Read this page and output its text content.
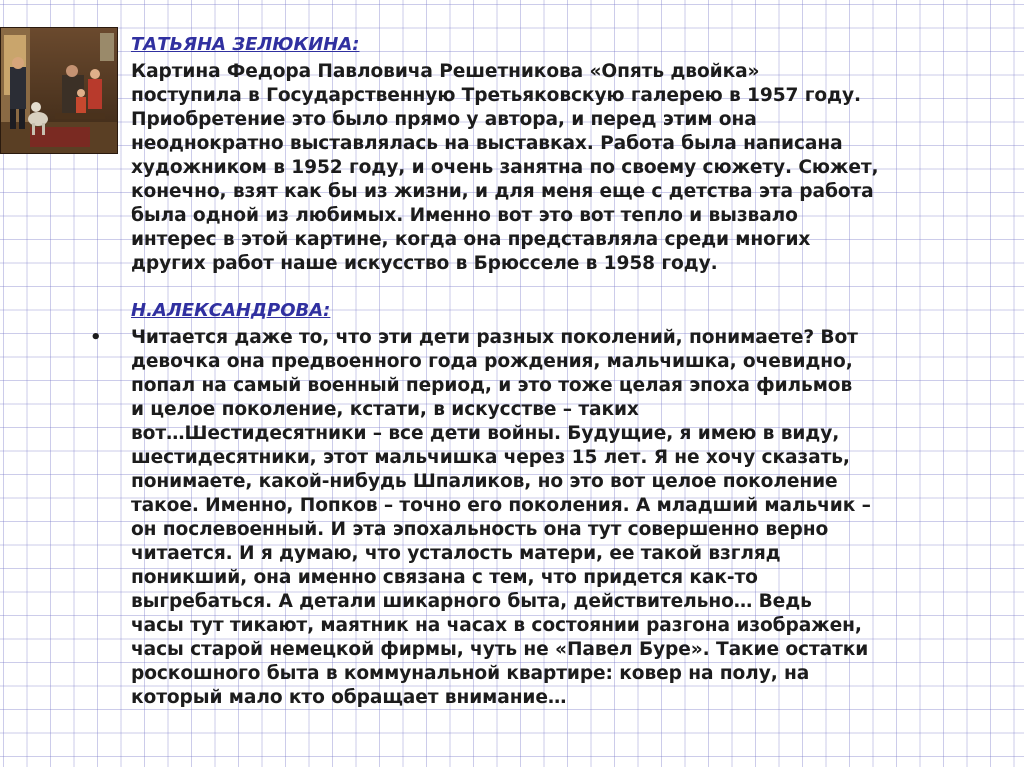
ТАТЬЯНА ЗЕЛЮКИНА:

Картина Федора Павловича Решетникова «Опять двойка»
поступила в Государственную Третьяковскую галерею в 1957 году.
Приобретение это было прямо у автора, и перед этим она
неоднократно выставлялась на выставках. Работа была написана
художником в 1952 году, и очень занятна по своему сюжету. Сюжет,
конечно, взят как бы из жизни, и для меня еще с детства эта работа
была одной из любимых. Именно вот это вот тепло и вызвало
интерес в этой картине, когда она представляла среди многих
других работ наше искусство в Брюсселе в 1958 году.

Н.АЛЕКСАНДРОВА:

• Читается даже то, что эти дети разных поколений, понимаете? Вот
девочка она предвоенного года рождения, мальчишка, очевидно,
попал на самый военный период, и это тоже целая эпоха фильмов
и целое поколение, кстати, в искусстве – таких
вот…Шестидесятники – все дети войны. Будущие, я имею в виду,
шестидесятники, этот мальчишка через 15 лет. Я не хочу сказать,
понимаете, какой-нибудь Шпаликов, но это вот целое поколение
такое. Именно, Попков – точно его поколения. А младший мальчик –
он послевоенный. И эта эпохальность она тут совершенно верно
читается. И я думаю, что усталость матери, ее такой взгляд
поникший, она именно связана с тем, что придется как-то
выгребаться. А детали шикарного быта, действительно… Ведь
часы тут тикают, маятник на часах в состоянии разгона изображен,
часы старой немецкой фирмы, чуть не «Павел Буре». Такие остатки
роскошного быта в коммунальной квартире: ковер на полу, на
который мало кто обращает внимание…
